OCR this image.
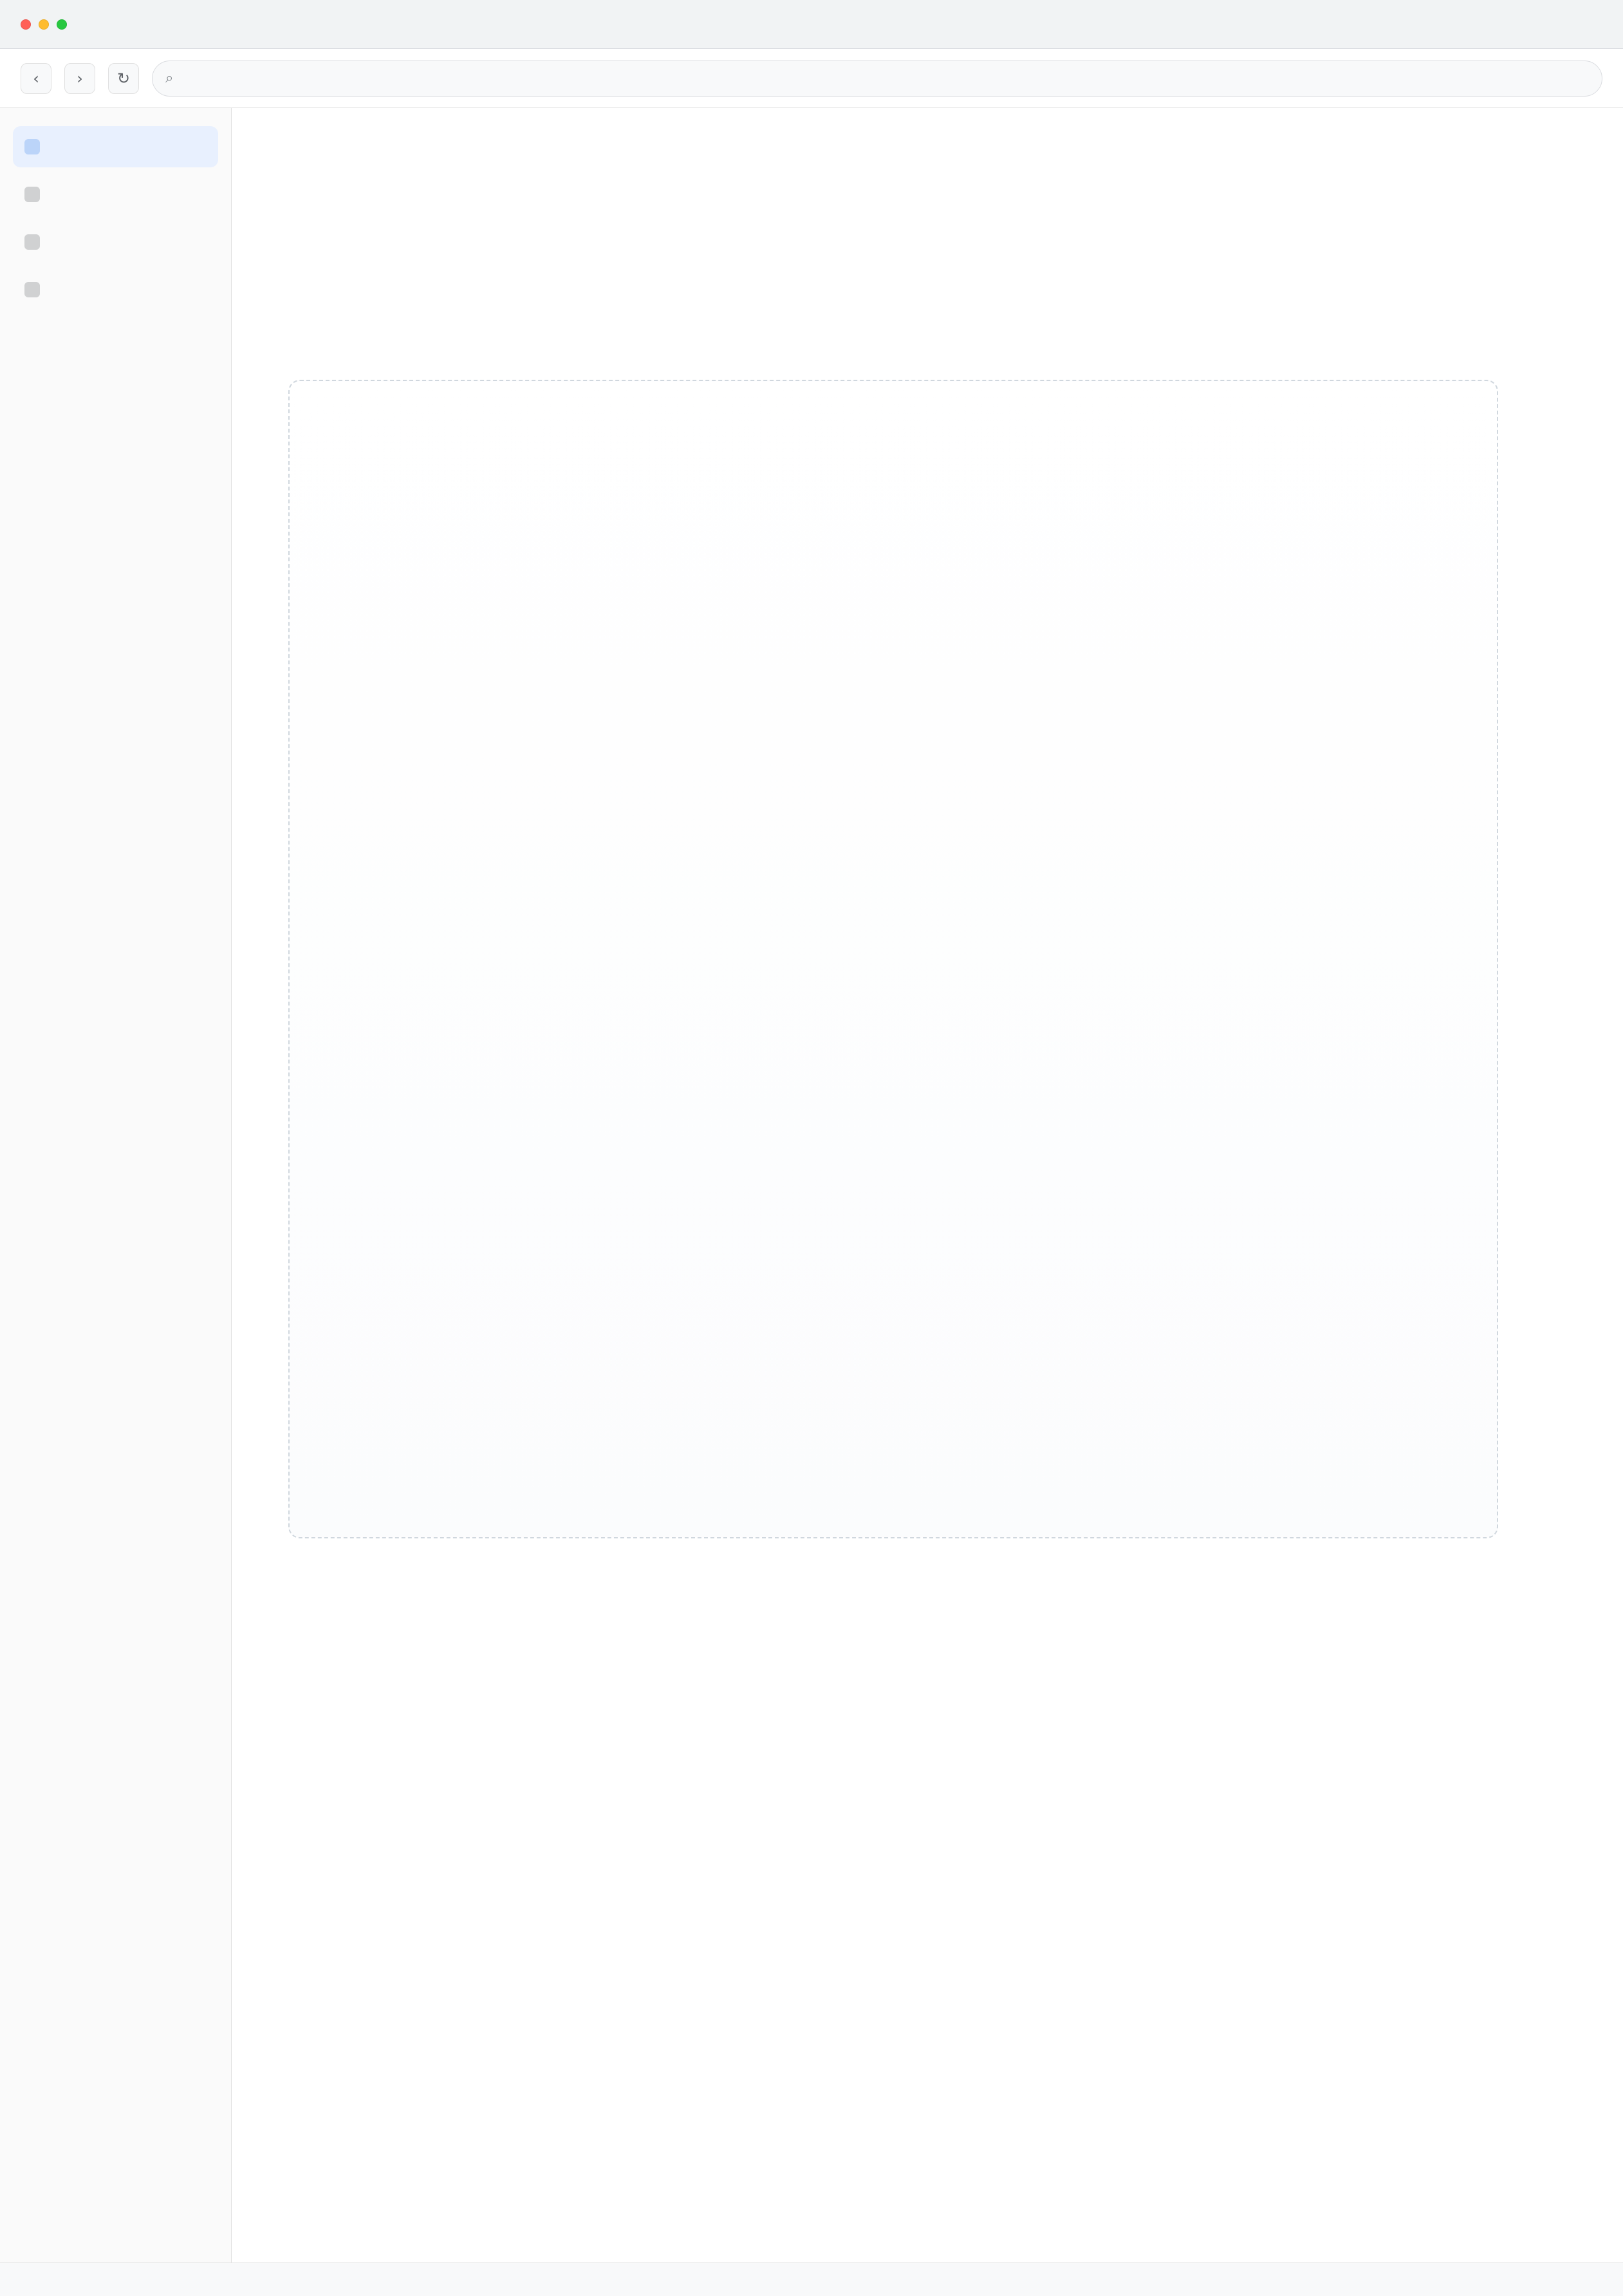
‹	›	↻	⌕
